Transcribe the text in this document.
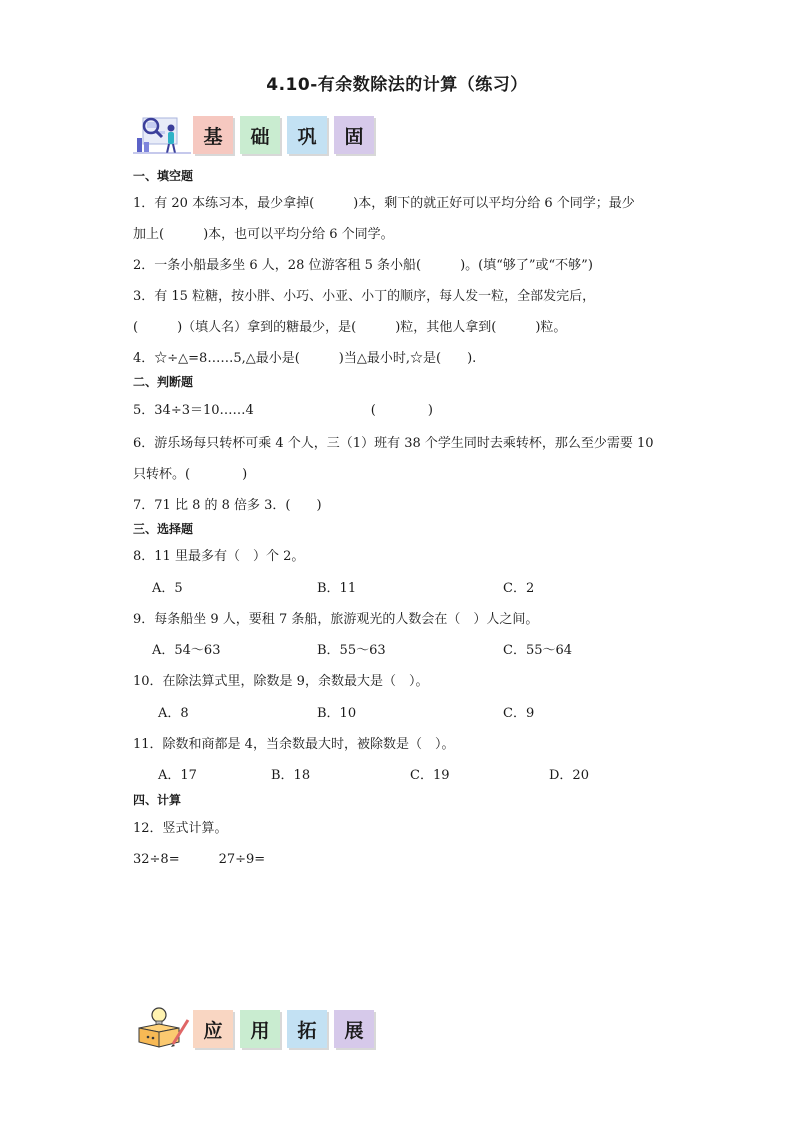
4.10-有余数除法的计算（练习）
基	础	巩	固
一、填空题
1．有 20 本练习本，最少拿掉(　　　)本，剩下的就正好可以平均分给 6 个同学；最少
加上(　　　)本，也可以平均分给 6 个同学。
2．一条小船最多坐 6 人，28 位游客租 5 条小船(　　　)。(填“够了”或“不够”)
3．有 15 粒糖，按小胖、小巧、小亚、小丁的顺序，每人发一粒，全部发完后，
(　　　)（填人名）拿到的糖最少，是(　　　)粒，其他人拿到(　　　)粒。
4．☆÷△=8……5,△最小是(　　　)当△最小时,☆是(　　).
二、判断题
5．34÷3＝10……4　　　　　　　　　(　　　　)
6．游乐场每只转杯可乘 4 个人，三（1）班有 38 个学生同时去乘转杯，那么至少需要 10
只转杯。(　　　　)
7．71 比 8 的 8 倍多 3．(　　)
三、选择题
8．11 里最多有（　）个 2。
A．5	B．11	C．2
9．每条船坐 9 人，要租 7 条船，旅游观光的人数会在（　）人之间。
A．54～63	B．55～63	C．55～64
10．在除法算式里，除数是 9，余数最大是（　）。
A．8	B．10	C．9
11．除数和商都是 4，当余数最大时，被除数是（　）。
A．17	B．18	C．19	D．20
四、计算
12．竖式计算。
32÷8=　　　27÷9=
应	用	拓	展
